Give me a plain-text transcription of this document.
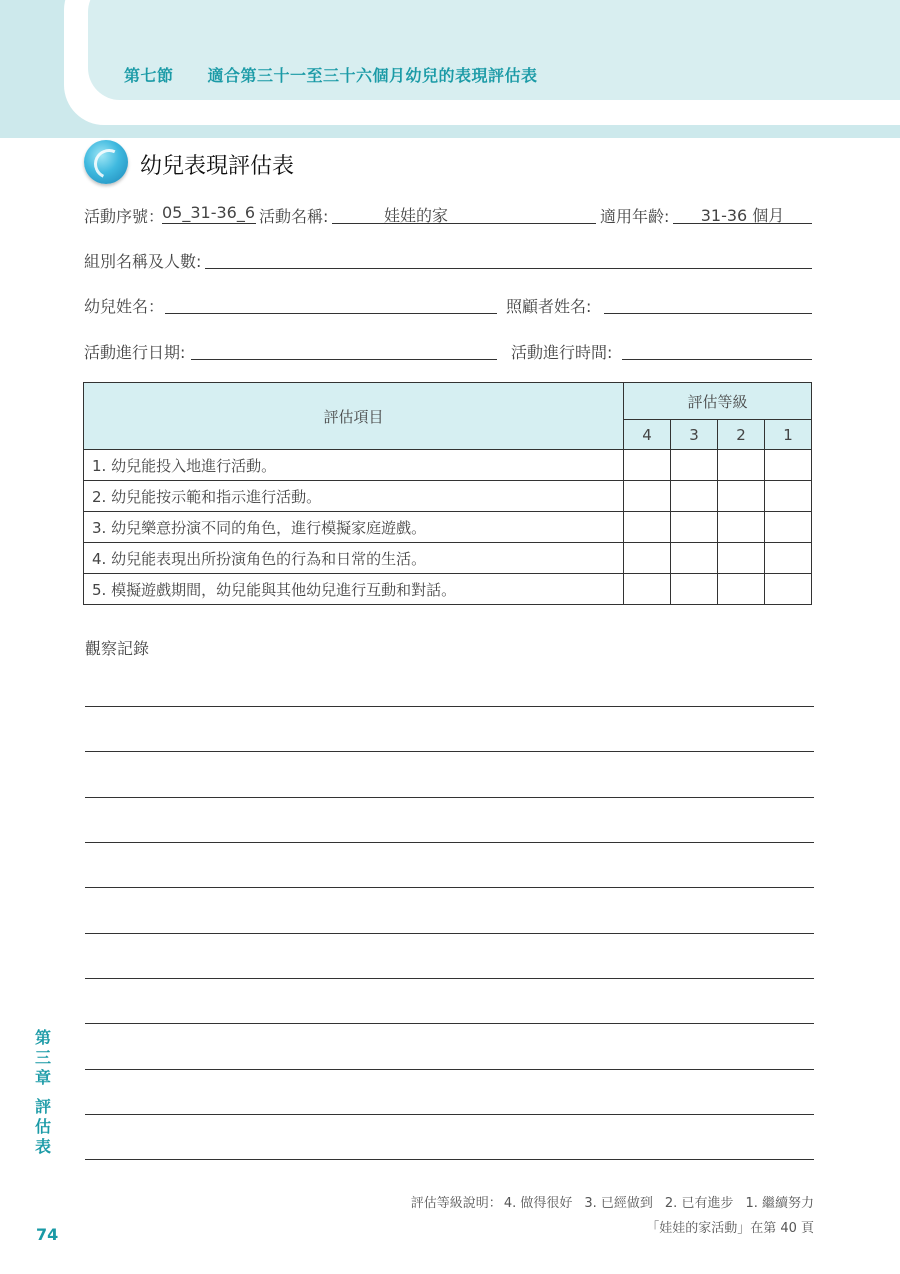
第七節 適合第三十一至三十六個月幼兒的表現評估表
幼兒表現評估表
活動序號：
05_31-36_6 活動名稱:	娃娃的家	適用年齡:	31-36 個月
組別名稱及人數:
幼兒姓名：	照顧者姓名:
活動進行日期:	活動進行時間:
評估項目	評估等級			
	4	3	2	1
1. 幼兒能投入地進行活動。				
2. 幼兒能按示範和指示進行活動。				
3. 幼兒樂意扮演不同的角色，進行模擬家庭遊戲。				
4. 幼兒能表現出所扮演角色的行為和日常的生活。				
5. 模擬遊戲期間，幼兒能與其他幼兒進行互動和對話。				
觀察記錄
第三章
評估表
74
評估等級說明： 4. 做得很好 3. 已經做到 2. 已有進步 1. 繼續努力
「娃娃的家活動」在第 40 頁
